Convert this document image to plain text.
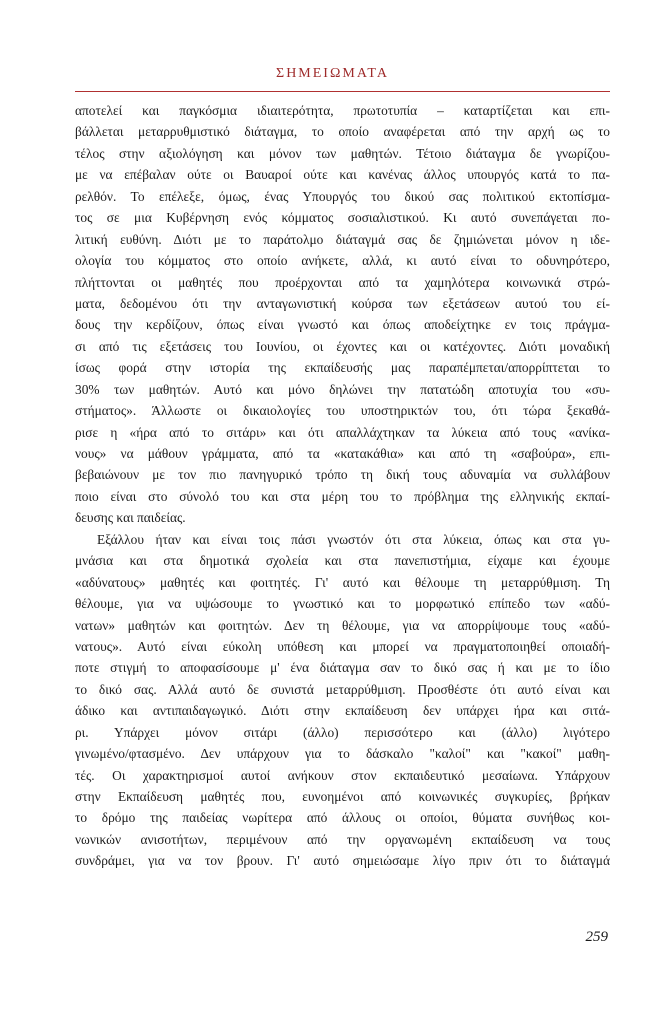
ΣΗΜΕΙΩΜΑΤΑ
αποτελεί και παγκόσμια ιδιαιτερότητα, πρωτοτυπία – καταρτίζεται και επι-
βάλλεται μεταρρυθμιστικό διάταγμα, το οποίο αναφέρεται από την αρχή ως το
τέλος στην αξιολόγηση και μόνον των μαθητών. Τέτοιο διάταγμα δε γνωρίζου-
με να επέβαλαν ούτε οι Βαυαροί ούτε και κανένας άλλος υπουργός κατά το πα-
ρελθόν. Το επέλεξε, όμως, ένας Υπουργός του δικού σας πολιτικού εκτοπίσμα-
τος σε μια Κυβέρνηση ενός κόμματος σοσιαλιστικού. Κι αυτό συνεπάγεται πο-
λιτική ευθύνη. Διότι με το παράτολμο διάταγμά σας δε ζημιώνεται μόνον η ιδε-
ολογία του κόμματος στο οποίο ανήκετε, αλλά, κι αυτό είναι το οδυνηρότερο,
πλήττονται οι μαθητές που προέρχονται από τα χαμηλότερα κοινωνικά στρώ-
ματα, δεδομένου ότι την ανταγωνιστική κούρσα των εξετάσεων αυτού του εί-
δους την κερδίζουν, όπως είναι γνωστό και όπως αποδείχτηκε εν τοις πράγμα-
σι από τις εξετάσεις του Ιουνίου, οι έχοντες και οι κατέχοντες. Διότι μοναδική
ίσως φορά στην ιστορία της εκπαίδευσής μας παραπέμπεται/απορρίπτεται το
30% των μαθητών. Αυτό και μόνο δηλώνει την πατατώδη αποτυχία του «συ-
στήματος». Άλλωστε οι δικαιολογίες του υποστηρικτών του, ότι τώρα ξεκαθά-
ρισε η «ήρα από το σιτάρι» και ότι απαλλάχτηκαν τα λύκεια από τους «ανίκα-
νους» να μάθουν γράμματα, από τα «κατακάθια» και από τη «σαβούρα», επι-
βεβαιώνουν με τον πιο πανηγυρικό τρόπο τη δική τους αδυναμία να συλλάβουν
ποιο είναι στο σύνολό του και στα μέρη του το πρόβλημα της ελληνικής εκπαί-
δευσης και παιδείας.
Εξάλλου ήταν και είναι τοις πάσι γνωστόν ότι στα λύκεια, όπως και στα γυ-
μνάσια και στα δημοτικά σχολεία και στα πανεπιστήμια, είχαμε και έχουμε
«αδύνατους» μαθητές και φοιτητές. Γι' αυτό και θέλουμε τη μεταρρύθμιση. Τη
θέλουμε, για να υψώσουμε το γνωστικό και το μορφωτικό επίπεδο των «αδύ-
νατων» μαθητών και φοιτητών. Δεν τη θέλουμε, για να απορρίψουμε τους «αδύ-
νατους». Αυτό είναι εύκολη υπόθεση και μπορεί να πραγματοποιηθεί οποιαδή-
ποτε στιγμή το αποφασίσουμε μ' ένα διάταγμα σαν το δικό σας ή και με το ίδιο
το δικό σας. Αλλά αυτό δε συνιστά μεταρρύθμιση. Προσθέστε ότι αυτό είναι και
άδικο και αντιπαιδαγωγικό. Διότι στην εκπαίδευση δεν υπάρχει ήρα και σιτά-
ρι. Υπάρχει μόνον σιτάρι (άλλο) περισσότερο και (άλλο) λιγότερο
γινωμένο/φτασμένο. Δεν υπάρχουν για το δάσκαλο "καλοί" και "κακοί" μαθη-
τές. Οι χαρακτηρισμοί αυτοί ανήκουν στον εκπαιδευτικό μεσαίωνα. Υπάρχουν
στην Εκπαίδευση μαθητές που, ευνοημένοι από κοινωνικές συγκυρίες, βρήκαν
το δρόμο της παιδείας νωρίτερα από άλλους οι οποίοι, θύματα συνήθως κοι-
νωνικών ανισοτήτων, περιμένουν από την οργανωμένη εκπαίδευση να τους
συνδράμει, για να τον βρουν. Γι' αυτό σημειώσαμε λίγο πριν ότι το διάταγμά
259
